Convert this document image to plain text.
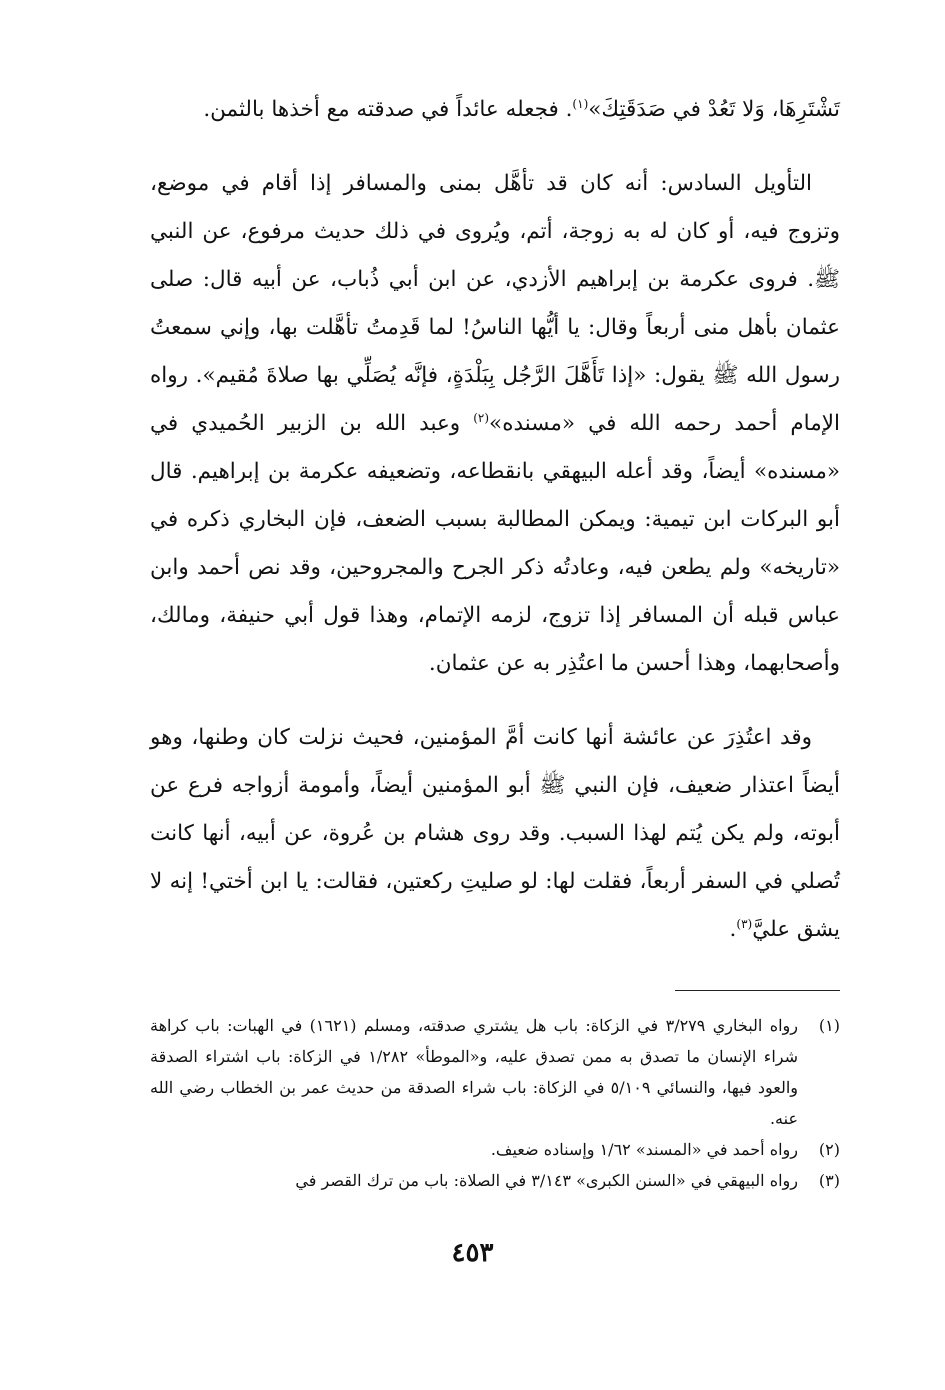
تَشْتَرِهَا، وَلا تَعُدْ في صَدَقَتِكَ»$^{(١)}$. فجعله عائداً في صدقته مع أخذها بالثمن.

التأويل السادس: أنه كان قد تأهَّل بمنى والمسافر إذا أقام في موضع، وتزوج فيه، أو كان له به زوجة، أتم، ويُروى في ذلك حديث مرفوع، عن النبي ﷺ. فروى عكرمة بن إبراهيم الأزدي، عن ابن أبي ذُباب، عن أبيه قال: صلى عثمان بأهل منى أربعاً وقال: يا أيُّها الناسُ! لما قَدِمتُ تأهَّلت بها، وإني سمعتُ رسول الله ﷺ يقول: «إذا تَأَهَّلَ الرَّجُل بِبَلْدَةٍ، فإنَّه يُصَلِّي بها صلاةَ مُقيم». رواه الإمام أحمد رحمه الله في «مسنده»$^{(٢)}$ وعبد الله بن الزبير الحُميدي في «مسنده» أيضاً، وقد أعله البيهقي بانقطاعه، وتضعيفه عكرمة بن إبراهيم. قال أبو البركات ابن تيمية: ويمكن المطالبة بسبب الضعف، فإن البخاري ذكره في «تاريخه» ولم يطعن فيه، وعادتُه ذكر الجرح والمجروحين، وقد نص أحمد وابن عباس قبله أن المسافر إذا تزوج، لزمه الإتمام، وهذا قول أبي حنيفة، ومالك، وأصحابهما، وهذا أحسن ما اعتُذِر به عن عثمان.

وقد اعتُذِرَ عن عائشة أنها كانت أمَّ المؤمنين، فحيث نزلت كان وطنها، وهو أيضاً اعتذار ضعيف، فإن النبي ﷺ أبو المؤمنين أيضاً، وأمومة أزواجه فرع عن أبوته، ولم يكن يُتم لهذا السبب. وقد روى هشام بن عُروة، عن أبيه، أنها كانت تُصلي في السفر أربعاً، فقلت لها: لو صليتِ ركعتين، فقالت: يا ابن أختي! إنه لا يشق عليَّ$^{(٣)}$.

(١)
رواه البخاري ٣/٢٧٩ في الزكاة: باب هل يشتري صدقته، ومسلم (١٦٢١) في الهبات: باب كراهة شراء الإنسان ما تصدق به ممن تصدق عليه، و«الموطأ» ١/٢٨٢ في الزكاة: باب اشتراء الصدقة والعود فيها، والنسائي ٥/١٠٩ في الزكاة: باب شراء الصدقة من حديث عمر بن الخطاب رضي الله عنه.
(٢)
رواه أحمد في «المسند» ١/٦٢ وإسناده ضعيف.
(٣)
رواه البيهقي في «السنن الكبرى» ٣/١٤٣ في الصلاة: باب من ترك القصر في
٤٥٣
